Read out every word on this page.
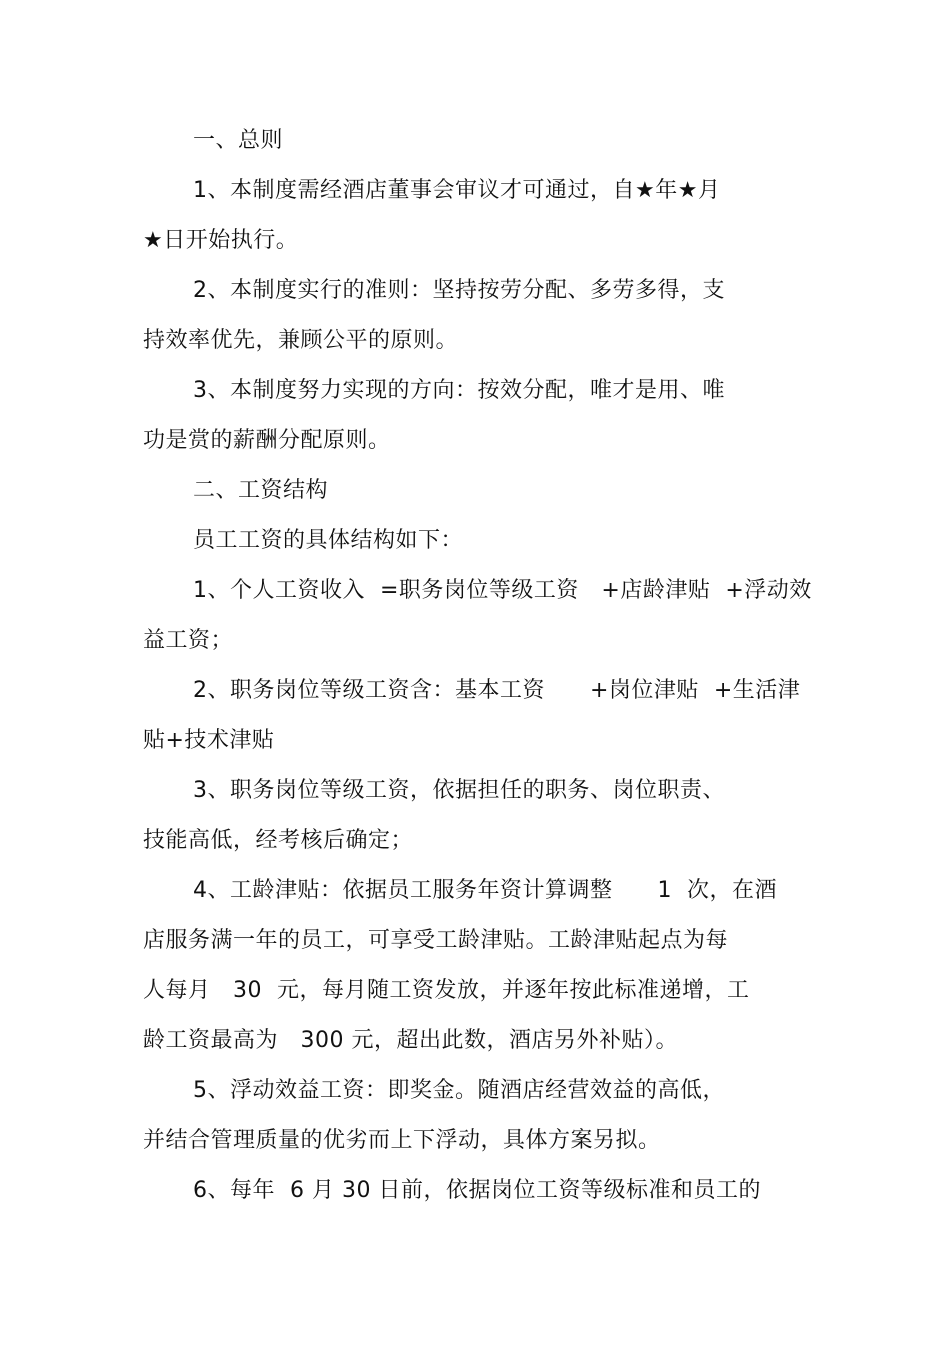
一、总则
1、本制度需经酒店董事会审议才可通过，自★年★月
★日开始执行。
2、本制度实行的准则：坚持按劳分配、多劳多得，支
持效率优先，兼顾公平的原则。
3、本制度努力实现的方向：按效分配，唯才是用、唯
功是赏的薪酬分配原则。
二、工资结构
员工工资的具体结构如下：
1、个人工资收入  =职务岗位等级工资   +店龄津贴  +浮动效
益工资；
2、职务岗位等级工资含：基本工资      +岗位津贴  +生活津
贴+技术津贴
3、职务岗位等级工资，依据担任的职务、岗位职责、
技能高低，经考核后确定；
4、工龄津贴：依据员工服务年资计算调整      1  次，在酒
店服务满一年的员工，可享受工龄津贴。工龄津贴起点为每
人每月   30  元，每月随工资发放，并逐年按此标准递增，工
龄工资最高为   300 元，超出此数，酒店另外补贴）。
5、浮动效益工资：即奖金。随酒店经营效益的高低，
并结合管理质量的优劣而上下浮动，具体方案另拟。
6、每年  6 月 30 日前，依据岗位工资等级标准和员工的
